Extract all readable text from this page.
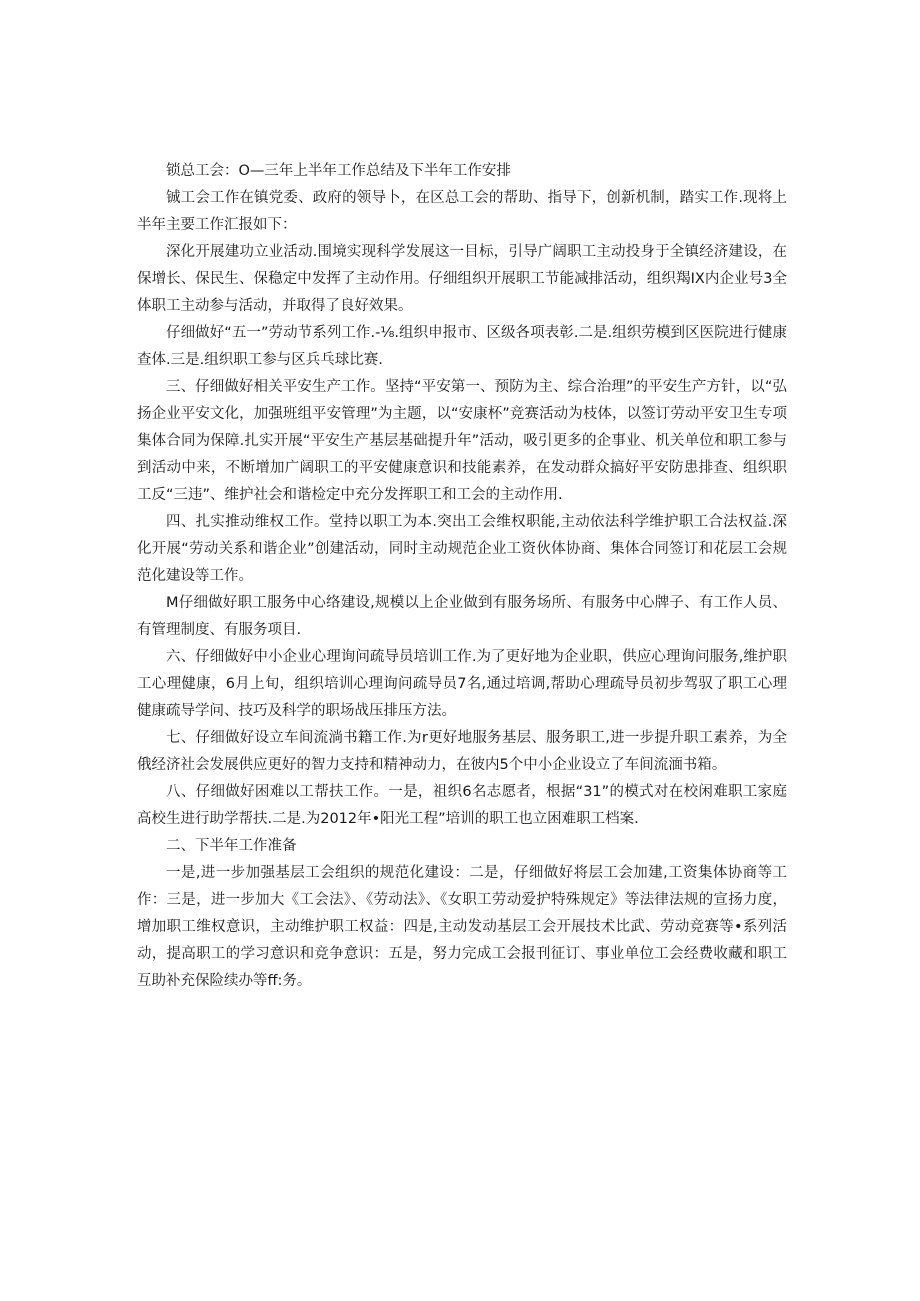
锁总工会：O—三年上半年工作总结及下半年工作安排

铖工会工作在镇党委、政府的领导卜，在区总工会的帮助、指导下，创新机制，踏实工作.现将上半年主要工作汇报如下：

深化开展建功立业活动.围境实现科学发展这一目标，引导广阔职工主动投身于全镇经济建设，在保增长、保民生、保稳定中发挥了主动作用。仔细组织开展职工节能减排活动，组织羯IX内企业号3全体职工主动参与活动，并取得了良好效果。

仔细做好“五一”劳动节系列工作.-⅛.组织申报市、区级各项表彰.二是.组织劳模到区医院进行健康查体.三是.组织职工参与区兵乓球比赛.

三、仔细做好相关平安生产工作。坚持“平安第一、预防为主、综合治理”的平安生产方针，以“弘扬企业平安文化，加强班组平安管理”为主题，以“安康杯”竞赛活动为枝体，以签订劳动平安卫生专项集体合同为保障.扎实开展“平安生产基层基础提升年”活动，吸引更多的企事业、机关单位和职工参与到活动中来，不断增加广阔职工的平安健康意识和技能素养，在发动群众搞好平安防患排查、组织职工反“三违”、维护社会和谐检定中充分发挥职工和工会的主动作用.

四、扎实推动维权工作。堂持以职工为本.突出工会维权职能,主动依法科学维护职工合法权益.深化开展“劳动关系和谐企业”创建活动，同时主动规范企业工资伙体协商、集体合同签订和花层工会规范化建设等工作。

M仔细做好职工服务中心络建设,规模以上企业做到有服务场所、有服务中心牌子、有工作人员、有管理制度、有服务项目.

六、仔细做好中小企业心理询问疏导员培训工作.为了更好地为企业职，供应心理询问服务,维护职工心理健康，6月上旬，组织培训心理询问疏导员7名,通过培调,帮助心理疏导员初步驾驭了职工心理健康疏导学问、技巧及科学的职场战压排压方法。

七、仔细做好设立车间流淌书籍工作.为r更好地服务基层、服务职工,进一步提升职工素养，为全俄经济社会发展供应更好的智力支持和精神动力，在彼内5个中小企业设立了车间流湎书箱。

八、仔细做好困难以工帮扶工作。一是，祖织6名志愿者，根据“31”的模式对在校闲难职工家庭高校生进行助学帮扶.二是.为2012年•阳光工程”培训的职工也立困难职工档案.

二、下半年工作准备

一是,进一步加强基层工会组织的规范化建设：二是，仔细做好将层工会加建,工资集体协商等工作：三是，进一步加大《工会法》、《劳动法》、《女职工劳动爱护特殊规定》等法律法规的宣扬力度，增加职工维权意识，主动维护职工权益：四是,主动发动基层工会开展技术比武、劳动竞赛等•系列活动，提高职工的学习意识和竞争意识：五是，努力完成工会报刊征订、事业单位工会经费收藏和职工互助补充保险续办等ff:务。
